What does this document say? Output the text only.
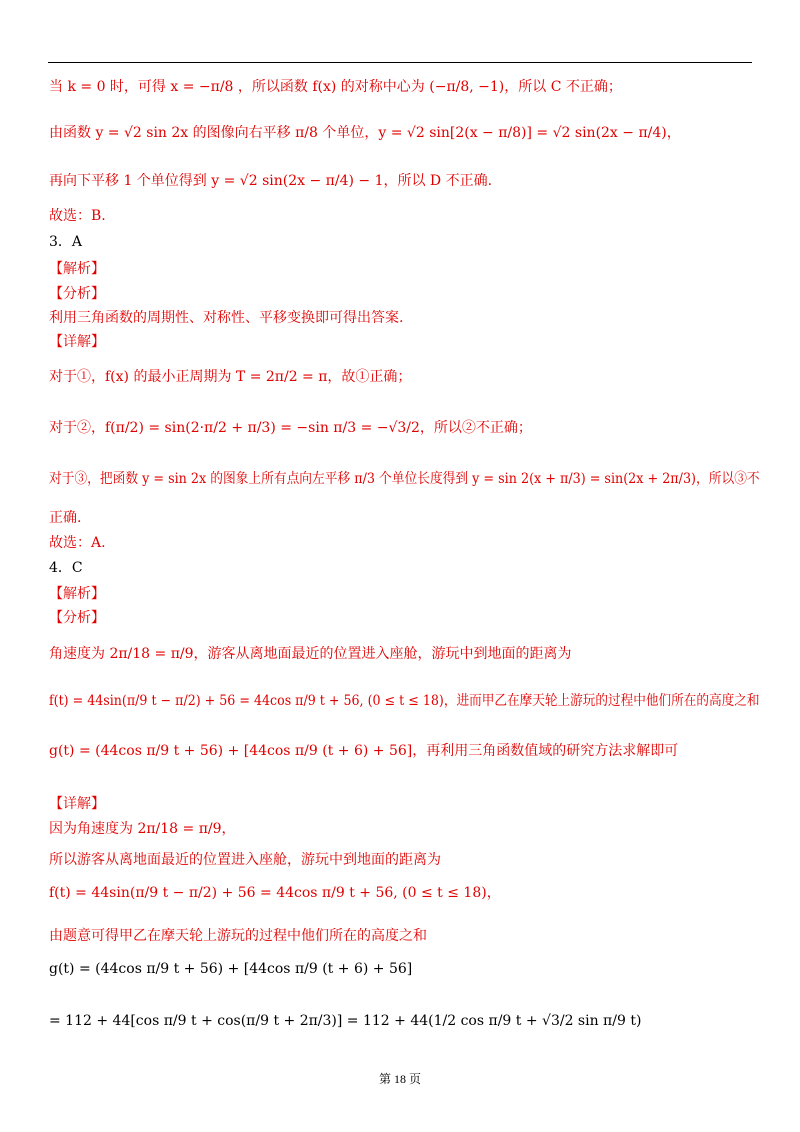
当 k = 0 时，可得 x = −π/8 ，所以函数 f(x) 的对称中心为 (−π/8, −1)，所以 C 不正确；
由函数 y = √2 sin 2x 的图像向右平移 π/8 个单位，y = √2 sin[2(x − π/8)] = √2 sin(2x − π/4)，
再向下平移 1 个单位得到 y = √2 sin(2x − π/4) − 1，所以 D 不正确.
故选：B.
3．A
【解析】
【分析】
利用三角函数的周期性、对称性、平移变换即可得出答案.
【详解】
对于①，f(x) 的最小正周期为 T = 2π/2 = π，故①正确；
对于②，f(π/2) = sin(2·π/2 + π/3) = −sin π/3 = −√3/2，所以②不正确；
对于③，把函数 y = sin 2x 的图象上所有点向左平移 π/3 个单位长度得到 y = sin 2(x + π/3) = sin(2x + 2π/3)，所以③不
正确.
故选：A.
4．C
【解析】
【分析】
角速度为 2π/18 = π/9，游客从离地面最近的位置进入座舱，游玩中到地面的距离为
f(t) = 44sin(π/9 t − π/2) + 56 = 44cos π/9 t + 56, (0 ≤ t ≤ 18)，进而甲乙在摩天轮上游玩的过程中他们所在的高度之和
g(t) = (44cos π/9 t + 56) + [44cos π/9 (t + 6) + 56]，再利用三角函数值域的研究方法求解即可
【详解】
因为角速度为 2π/18 = π/9，
所以游客从离地面最近的位置进入座舱，游玩中到地面的距离为
f(t) = 44sin(π/9 t − π/2) + 56 = 44cos π/9 t + 56, (0 ≤ t ≤ 18)，
由题意可得甲乙在摩天轮上游玩的过程中他们所在的高度之和
g(t) = (44cos π/9 t + 56) + [44cos π/9 (t + 6) + 56]
= 112 + 44[cos π/9 t + cos(π/9 t + 2π/3)] = 112 + 44(1/2 cos π/9 t + √3/2 sin π/9 t)
第 18 页
